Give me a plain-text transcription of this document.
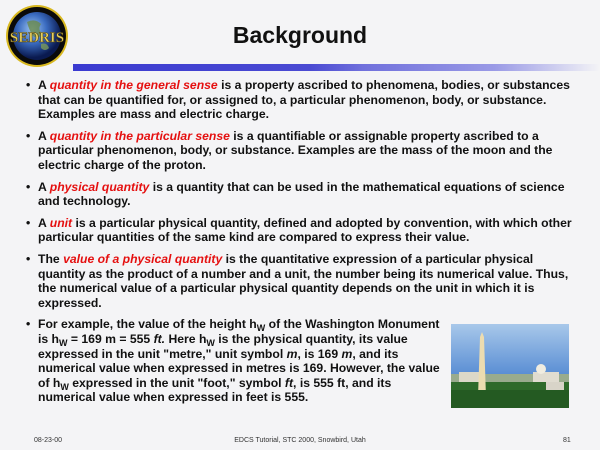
SEDRIS	Background
• A quantity in the general sense is a property ascribed to phenomena, bodies, or substances that can be quantified for, or assigned to, a particular phenomenon, body, or substance. Examples are mass and electric charge.
• A quantity in the particular sense is a quantifiable or assignable property ascribed to a particular phenomenon, body, or substance. Examples are the mass of the moon and the electric charge of the proton.
• A physical quantity is a quantity that can be used in the mathematical equations of science and technology.
• A unit is a particular physical quantity, defined and adopted by convention, with which other particular quantities of the same kind are compared to express their value.
• The value of a physical quantity is the quantitative expression of a particular physical quantity as the product of a number and a unit, the number being its numerical value. Thus, the numerical value of a particular physical quantity depends on the unit in which it is expressed.
• For example, the value of the height $h_W$ of the Washington Monument is $h_W = 169$ m = 555 ft. Here $h_W$ is the physical quantity, its value expressed in the unit "metre," unit symbol m, is 169 m, and its numerical value when expressed in metres is 169. However, the value of $h_W$ expressed in the unit "foot," symbol ft, is 555 ft, and its numerical value when expressed in feet is 555.
08-23-00	EDCS Tutorial, STC 2000, Snowbird, Utah	81
